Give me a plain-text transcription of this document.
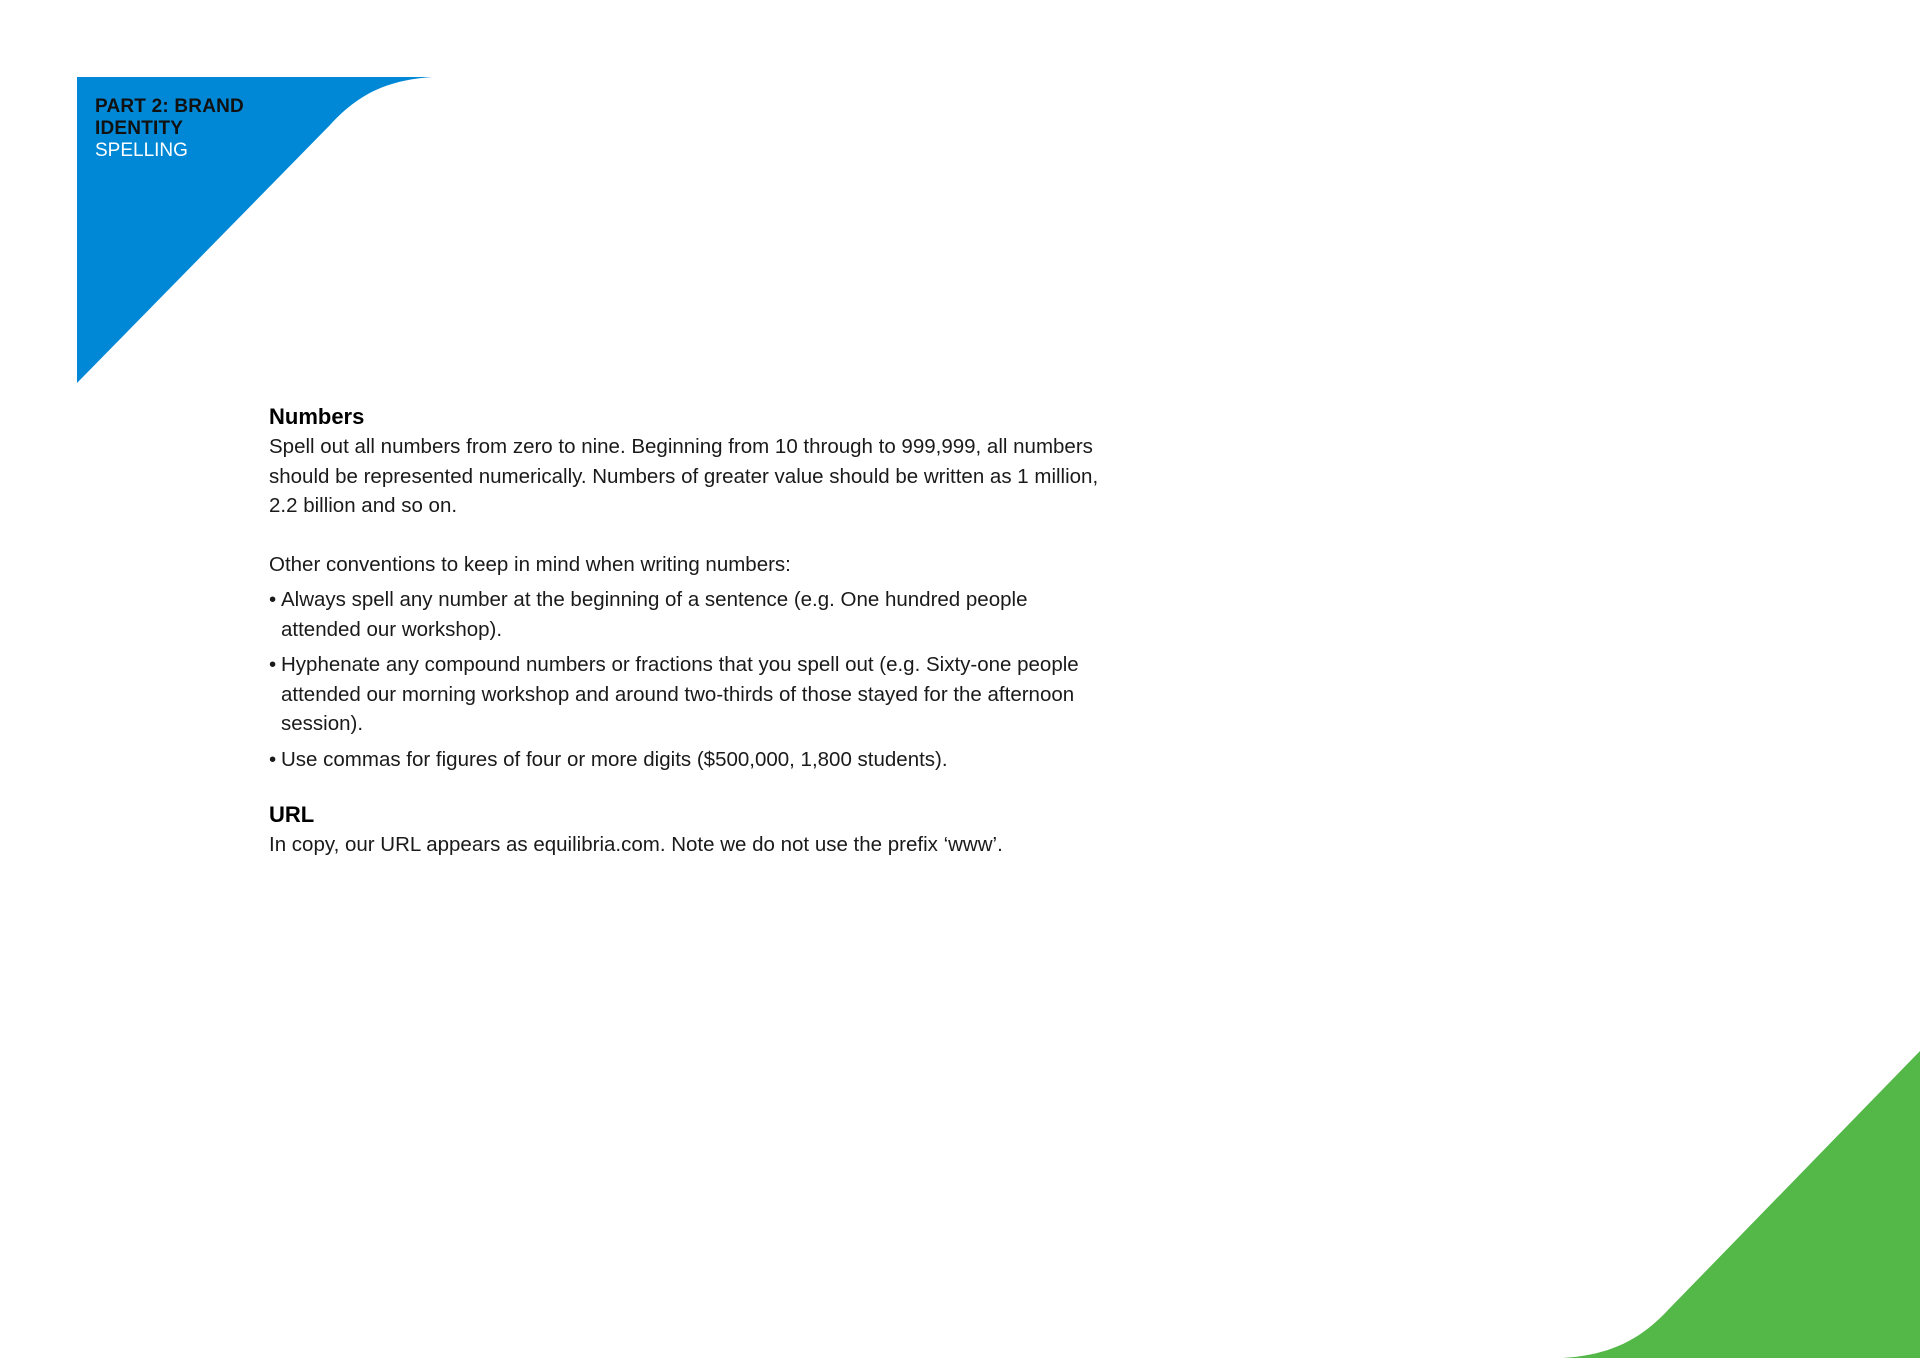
PART 2: BRAND IDENTITY
SPELLING
Numbers

Spell out all numbers from zero to nine. Beginning from 10 through to 999,999, all numbers should be represented numerically. Numbers of greater value should be written as 1 million, 2.2 billion and so on.

Other conventions to keep in mind when writing numbers:

• Always spell any number at the beginning of a sentence (e.g. One hundred people attended our workshop).
• Hyphenate any compound numbers or fractions that you spell out (e.g. Sixty-one people attended our morning workshop and around two-thirds of those stayed for the afternoon session).
• Use commas for figures of four or more digits ($500,000, 1,800 students).
URL

In copy, our URL appears as equilibria.com. Note we do not use the prefix ‘www’.
